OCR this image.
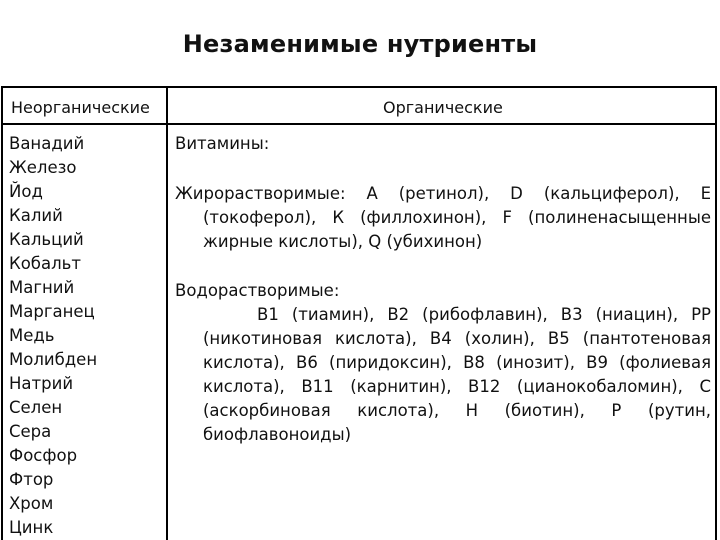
Незаменимые нутриенты
Неорганические	Органические
Ванадий
Железо
Йод
Калий
Кальций
Кобальт
Магний
Марганец
Медь
Молибден
Натрий
Селен
Сера
Фосфор
Фтор
Хром
Цинк

Витамины:

Жирорастворимые: А (ретинол), D (кальциферол), Е

(токоферол), К (филлохинон), F (полиненасыщенные

жирные кислоты), Q (убихинон)

Водорастворимые:

В1 (тиамин), В2 (рибофлавин), В3 (ниацин), РР

(никотиновая кислота), В4 (холин), В5 (пантотеновая

кислота), В6 (пиридоксин), В8 (инозит), В9 (фолиевая

кислота), В11 (карнитин), В12 (цианокобаломин), С

(аскорбиновая кислота), Н (биотин), Р (рутин,

биофлавоноиды)
